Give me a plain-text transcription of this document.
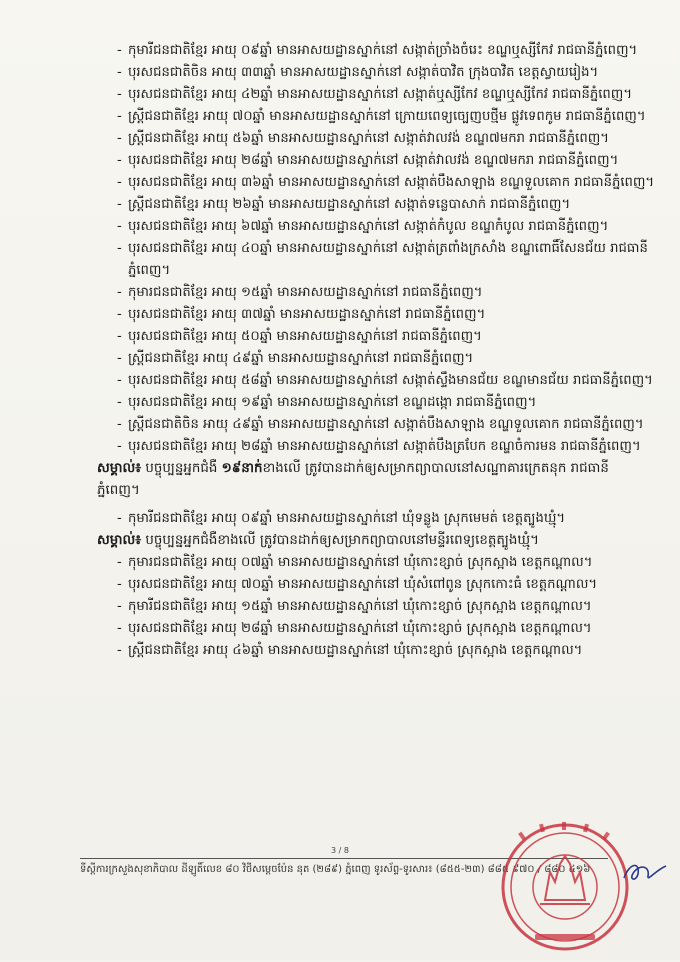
- កុមារីជនជាតិខ្មែរ អាយុ ០៩ឆ្នាំ មានអាសយដ្ឋានស្នាក់នៅ សង្កាត់ច្រាំងចំរេះ ខណ្ឌឬស្សីកែវ រាជធានីភ្នំពេញ។
- បុរសជនជាតិចិន អាយុ ៣៣ឆ្នាំ មានអាសយដ្ឋានស្នាក់នៅ សង្កាត់បាវិត ក្រុងបាវិត ខេត្តស្វាយរៀង។
- បុរសជនជាតិខ្មែរ អាយុ ៤២ឆ្នាំ មានអាសយដ្ឋានស្នាក់នៅ សង្កាត់ឬស្សីកែវ ខណ្ឌឬស្សីកែវ រាជធានីភ្នំពេញ។
- ស្ត្រីជនជាតិខ្មែរ អាយុ ៧០ឆ្នាំ មានអាសយដ្ឋានស្នាក់នៅ ក្រោយពេទ្យច្បេញបថ្មីម ផ្លូវទេពកូម រាជធានីភ្នំពេញ។
- ស្ត្រីជនជាតិខ្មែរ អាយុ ៥៦ឆ្នាំ មានអាសយដ្ឋានស្នាក់នៅ សង្កាត់វាលវង់ ខណ្ឌ៧មករា រាជធានីភ្នំពេញ។
- បុរសជនជាតិខ្មែរ អាយុ ២៨ឆ្នាំ មានអាសយដ្ឋានស្នាក់នៅ សង្កាត់វាលវង់ ខណ្ឌ៧មករា រាជធានីភ្នំពេញ។
- បុរសជនជាតិខ្មែរ អាយុ ៣៦ឆ្នាំ មានអាសយដ្ឋានស្នាក់នៅ សង្កាត់បឹងសាឡាង ខណ្ឌទួលគោក រាជធានីភ្នំពេញ។
- ស្ត្រីជនជាតិខ្មែរ អាយុ ២៦ឆ្នាំ មានអាសយដ្ឋានស្នាក់នៅ សង្កាត់ទន្លេបាសាក់ រាជធានីភ្នំពេញ។
- បុរសជនជាតិខ្មែរ អាយុ ៦៧ឆ្នាំ មានអាសយដ្ឋានស្នាក់នៅ សង្កាត់កំបូល ខណ្ឌកំបូល រាជធានីភ្នំពេញ។
- បុរសជនជាតិខ្មែរ អាយុ ៤០ឆ្នាំ មានអាសយដ្ឋានស្នាក់នៅ សង្កាត់ត្រពាំងក្រសាំង ខណ្ឌពោធិ៍សែនជ័យ រាជធានីភ្នំពេញ។
- កុមារជនជាតិខ្មែរ អាយុ ១៥ឆ្នាំ មានអាសយដ្ឋានស្នាក់នៅ រាជធានីភ្នំពេញ។
- បុរសជនជាតិខ្មែរ អាយុ ៣៧ឆ្នាំ មានអាសយដ្ឋានស្នាក់នៅ រាជធានីភ្នំពេញ។
- បុរសជនជាតិខ្មែរ អាយុ ៥០ឆ្នាំ មានអាសយដ្ឋានស្នាក់នៅ រាជធានីភ្នំពេញ។
- ស្ត្រីជនជាតិខ្មែរ អាយុ ៤៩ឆ្នាំ មានអាសយដ្ឋានស្នាក់នៅ រាជធានីភ្នំពេញ។
- បុរសជនជាតិខ្មែរ អាយុ ៥៨ឆ្នាំ មានអាសយដ្ឋានស្នាក់នៅ សង្កាត់ស្ទឹងមានជ័យ ខណ្ឌមានជ័យ រាជធានីភ្នំពេញ។
- បុរសជនជាតិខ្មែរ អាយុ ១៩ឆ្នាំ មានអាសយដ្ឋានស្នាក់នៅ ខណ្ឌដង្កោ រាជធានីភ្នំពេញ។
- ស្ត្រីជនជាតិចិន អាយុ ៤៩ឆ្នាំ មានអាសយដ្ឋានស្នាក់នៅ សង្កាត់បឹងសាឡាង ខណ្ឌទួលគោក រាជធានីភ្នំពេញ។
- បុរសជនជាតិខ្មែរ អាយុ ២៨ឆ្នាំ មានអាសយដ្ឋានស្នាក់នៅ សង្កាត់បឹងត្របែក ខណ្ឌចំការមន រាជធានីភ្នំពេញ។
សម្គាល់៖ បច្ចុប្បន្នអ្នកជំងឺ ១៩នាក់ខាងលើ ត្រូវបានដាក់ឲ្យសម្រាកព្យាបាលនៅសណ្ឋាគារក្រេតនុក រាជធានីភ្នំពេញ។
- កុមារីជនជាតិខ្មែរ អាយុ ០៩ឆ្នាំ មានអាសយដ្ឋានស្នាក់នៅ ឃុំទន្លូង ស្រុកមេមត់ ខេត្តត្បូងឃ្មុំ។
សម្គាល់៖ បច្ចុប្បន្នអ្នកជំងឺខាងលើ ត្រូវបានដាក់ឲ្យសម្រាកព្យាបាលនៅមន្ទីរពេទ្យខេត្តត្បូងឃ្មុំ។
- កុមារជនជាតិខ្មែរ អាយុ ០៧ឆ្នាំ មានអាសយដ្ឋានស្នាក់នៅ ឃុំកោះខ្សាច់ ស្រុកស្អាង ខេត្តកណ្ដាល។
- បុរសជនជាតិខ្មែរ អាយុ ៧០ឆ្នាំ មានអាសយដ្ឋានស្នាក់នៅ ឃុំសំពៅពូន ស្រុកកោះធំ ខេត្តកណ្ដាល។
- កុមារីជនជាតិខ្មែរ អាយុ ១៥ឆ្នាំ មានអាសយដ្ឋានស្នាក់នៅ ឃុំកោះខ្សាច់ ស្រុកស្អាង ខេត្តកណ្ដាល។
- បុរសជនជាតិខ្មែរ អាយុ ២៨ឆ្នាំ មានអាសយដ្ឋានស្នាក់នៅ ឃុំកោះខ្សាច់ ស្រុកស្អាង ខេត្តកណ្ដាល។
- ស្ត្រីជនជាតិខ្មែរ អាយុ ៤៦ឆ្នាំ មានអាសយដ្ឋានស្នាក់នៅ ឃុំកោះខ្សាច់ ស្រុកស្អាង ខេត្តកណ្ដាល។
3 / 8
ទីស្តីការក្រសួងសុខាភិបាល ដីឡូតិ៍លេខ ៨០ វិថីសម្តេចប៉ែន នុត (២៨៩) ភ្នំពេញ ទូរស័ព្ទ-ទូរសារ៖ (៨៥៥-២៣) ៨៨៥ ៩៧០ / ៨៨០ ៤១៦
